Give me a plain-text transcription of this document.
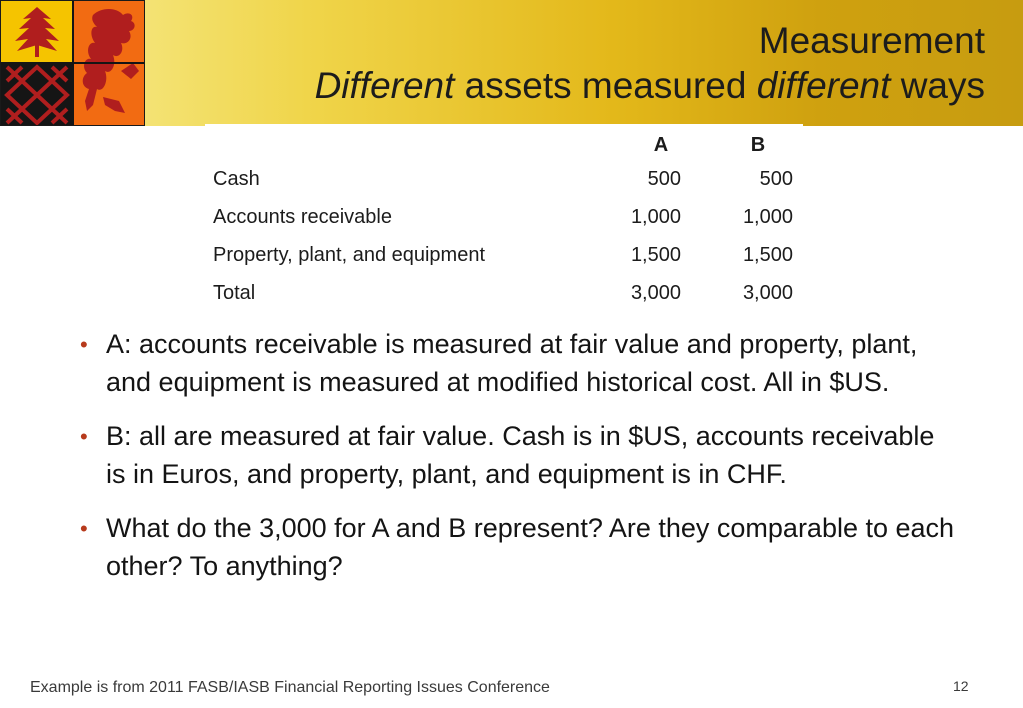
Measurement
Different assets measured different ways
	A	B
Cash	500	500
Accounts receivable	1,000	1,000
Property, plant, and equipment	1,500	1,500
Total	3,000	3,000
• A: accounts receivable is measured at fair value and property, plant, and equipment is measured at modified historical cost. All in $US.
• B: all are measured at fair value. Cash is in $US, accounts receivable is in Euros, and property, plant, and equipment is in CHF.
• What do the 3,000 for A and B represent? Are they comparable to each other? To anything?
Example is from 2011 FASB/IASB Financial Reporting Issues Conference	12
